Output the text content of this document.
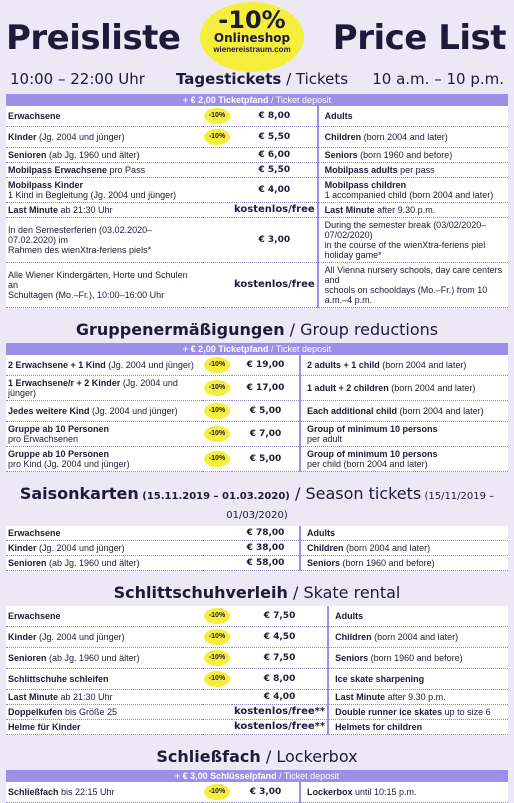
Preisliste	-10%
Onlineshop
wienereistraum.com	Price List
10:00 – 22:00 Uhr Tagestickets / Tickets 10 a.m. – 10 p.m.
+ € 2,00 Ticketpfand / Ticket deposit
Erwachsene	-10%	€ 8,00	Adults
Kinder (Jg. 2004 und jünger)	-10%	€ 5,50	Children (born 2004 and later)
Senioren (ab Jg. 1960 und älter)		€ 6,00	Seniors (born 1960 and before)
Mobilpass Erwachsene pro Pass		€ 5,50	Mobilpass adults per pass
Mobilpass Kinder
1 Kind in Begleitung (Jg. 2004 und jünger)		€ 4,00	Mobilpass children
1 accompanied child (born 2004 and later)
Last Minute ab 21:30 Uhr		kostenlos/free	Last Minute after 9.30 p.m.
In den Semesterferien (03.02.2020–07.02.2020) im
Rahmen des wienXtra-feriens piels*		€ 3,00	During the semester break (03/02/2020–07/02/2020)
in the course of the wienXtra-feriens piel holiday game*
Alle Wiener Kindergärten, Horte und Schulen an
Schultagen (Mo.–Fr.), 10:00–16:00 Uhr		kostenlos/free	All Vienna nursery schools, day care centers and
schools on schooldays (Mo.–Fr.) from 10 a.m.–4 p.m.
Gruppenermäßigungen / Group reductions
+ € 2,00 Ticketpfand / Ticket deposit
2 Erwachsene + 1 Kind (Jg. 2004 und jünger)	-10%	€ 19,00	2 adults + 1 child (born 2004 and later)
1 Erwachsene/r + 2 Kinder (Jg. 2004 und jünger)	-10%	€ 17,00	1 adult + 2 children (born 2004 and later)
Jedes weitere Kind (Jg. 2004 und jünger)	-10%	€ 5,00	Each additional child (born 2004 and later)
Gruppe ab 10 Personen
pro Erwachsenen	-10%	€ 7,00	Group of minimum 10 persons
per adult
Gruppe ab 10 Personen
pro Kind (Jg. 2004 und jünger)	-10%	€ 5,00	Group of minimum 10 persons
per child (born 2004 and later)
Saisonkarten (15.11.2019 – 01.03.2020) / Season tickets (15/11/2019 – 01/03/2020)
Erwachsene		€ 78,00	Adults
Kinder (Jg. 2004 und jünger)		€ 38,00	Children (born 2004 and later)
Senioren (ab Jg. 1960 und älter)		€ 58,00	Seniors (born 1960 and before)
Schlittschuhverleih / Skate rental
Erwachsene	-10%	€ 7,50	Adults
Kinder (Jg. 2004 und jünger)	-10%	€ 4,50	Children (born 2004 and later)
Senioren (ab Jg. 1960 und älter)	-10%	€ 7,50	Seniors (born 1960 and before)
Schlittschuhe schleifen	-10%	€ 8,00	Ice skate sharpening
Last Minute ab 21:30 Uhr		€ 4,00	Last Minute after 9.30 p.m.
Doppelkufen bis Größe 25		kostenlos/free**	Double runner ice skates up to size 6
Helme für Kinder		kostenlos/free**	Helmets for children
Schließfach / Lockerbox
+ € 3,00 Schlüsselpfand / Ticket deposit
Schließfach bis 22:15 Uhr	-10%	€ 3,00	Lockerbox until 10:15 p.m.
